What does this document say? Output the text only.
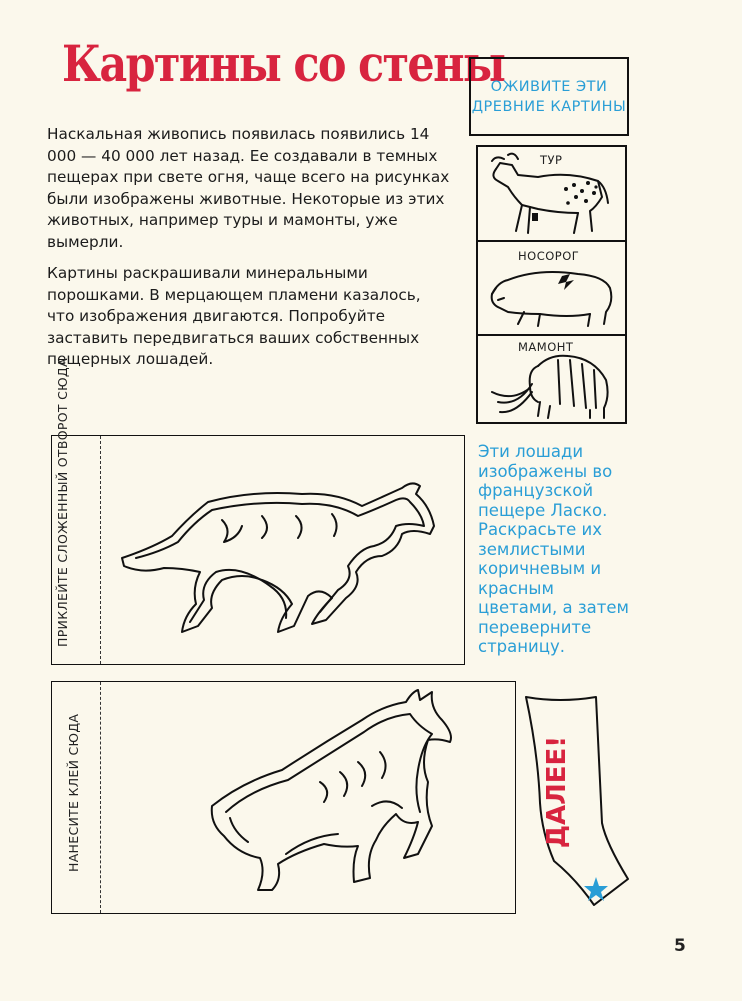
Картины со стены

Наскальная живопись появилась появились 14 000 — 40 000 лет назад. Ее создавали в темных пещерах при свете огня, чаще всего на рисунках были изображены животные. Некоторые из этих животных, например туры и мамонты, уже вымерли.

Картины раскрашивали минеральными порошками. В мерцающем пламени казалось, что изображения двигаются. Попробуйте заставить передвигаться ваших собственных пещерных лошадей.

ОЖИВИТЕ ЭТИ ДРЕВНИЕ КАРТИНЫ
ТУР
НОСОРОГ
МАМОНТ
ПРИКЛЕЙТЕ СЛОЖЕННЫЙ ОТВОРОТ СЮДА	Эти лошади изображены во французской пещере Ласко. Раскрасьте их землистыми коричневым и красным цветами, а затем переверните страницу.
НАНЕСИТЕ КЛЕЙ СЮДА	ДАЛЕЕ!
5
